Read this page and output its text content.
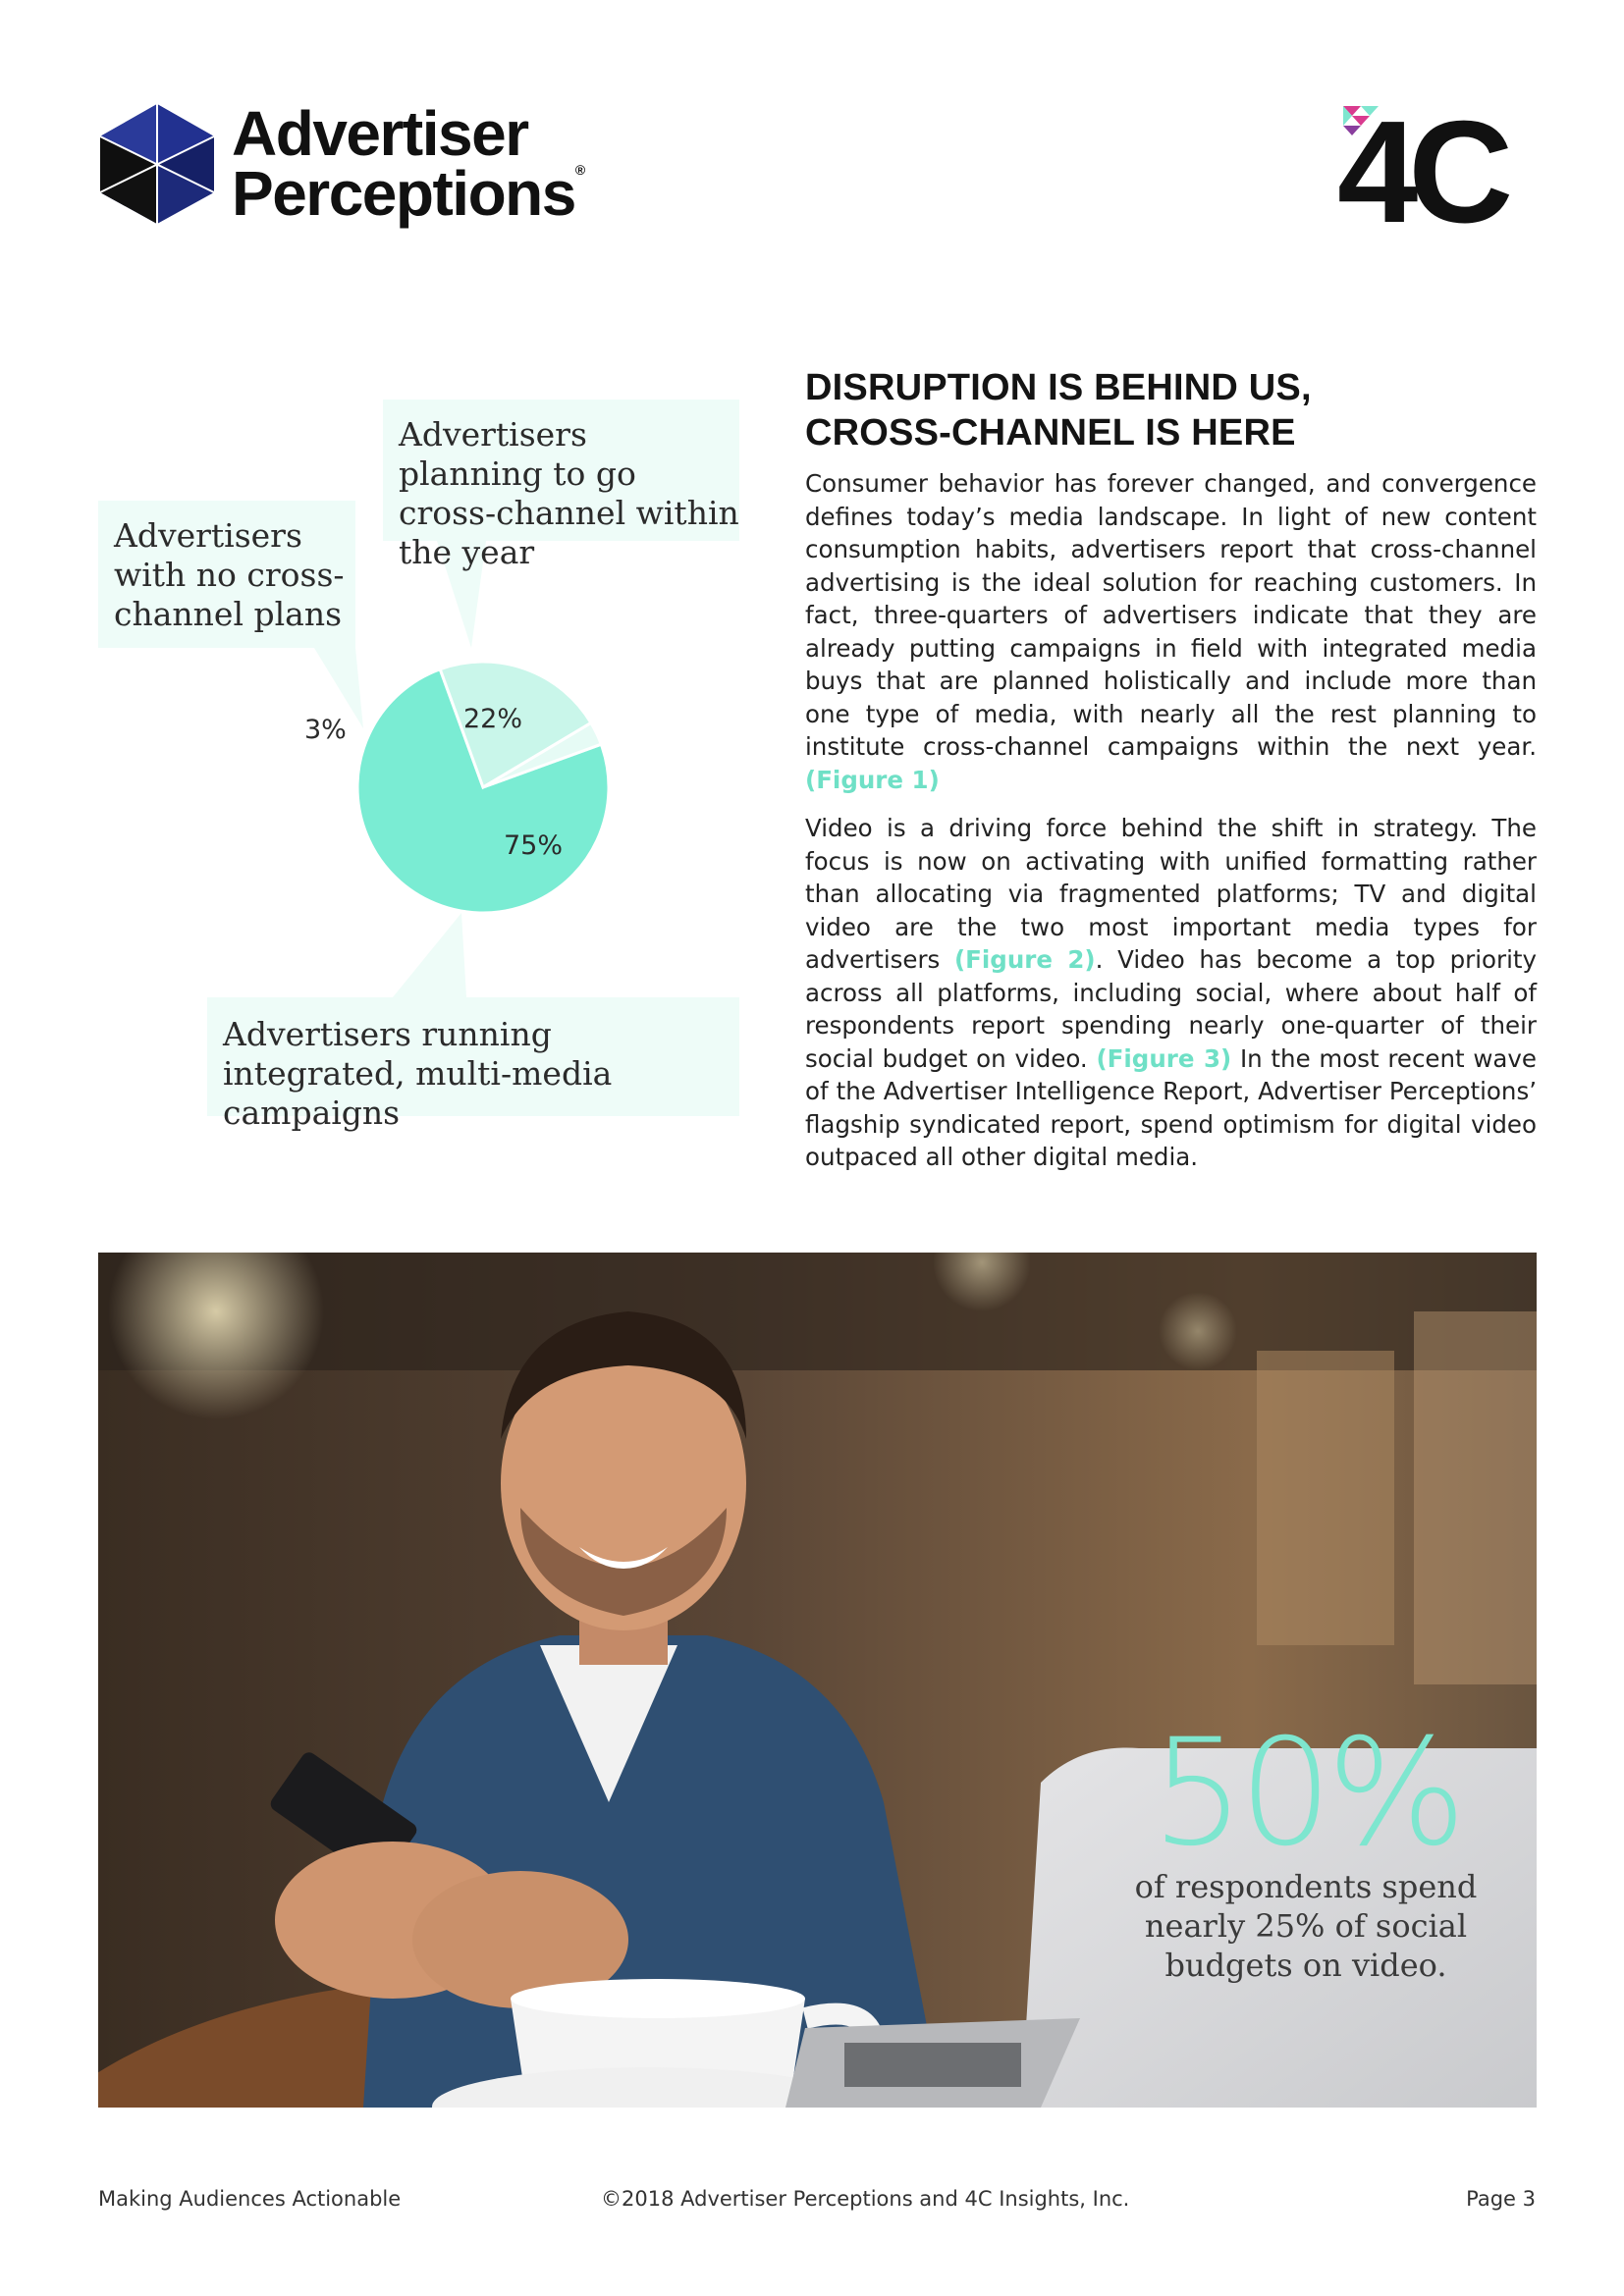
Advertiser
Perceptions®	4C
Advertisers planning to go cross-channel within the year
Advertisers with no cross-channel plans
Advertisers running integrated, multi-media campaigns
3%	22%
75%
DISRUPTION IS BEHIND US,
CROSS-CHANNEL IS HERE

Consumer behavior has forever changed, and convergence defines today’s media landscape. In light of new content consumption habits, advertisers report that cross-channel advertising is the ideal solution for reaching customers. In fact, three-quarters of advertisers indicate that they are already putting campaigns in field with integrated media buys that are planned holistically and include more than one type of media, with nearly all the rest planning to institute cross-channel campaigns within the next year. (Figure 1)

Video is a driving force behind the shift in strategy. The focus is now on activating with unified formatting rather than allocating via fragmented platforms; TV and digital video are the two most important media types for advertisers (Figure 2). Video has become a top priority across all platforms, including social, where about half of respondents report spending nearly one-quarter of their social budget on video. (Figure 3) In the most recent wave of the Advertiser Intelligence Report, Advertiser Perceptions’ flagship syndicated report, spend optimism for digital video outpaced all other digital media.

50%
of respondents spend
nearly 25% of social
budgets on video.
Making Audiences Actionable	©2018 Advertiser Perceptions and 4C Insights, Inc.	Page 3
